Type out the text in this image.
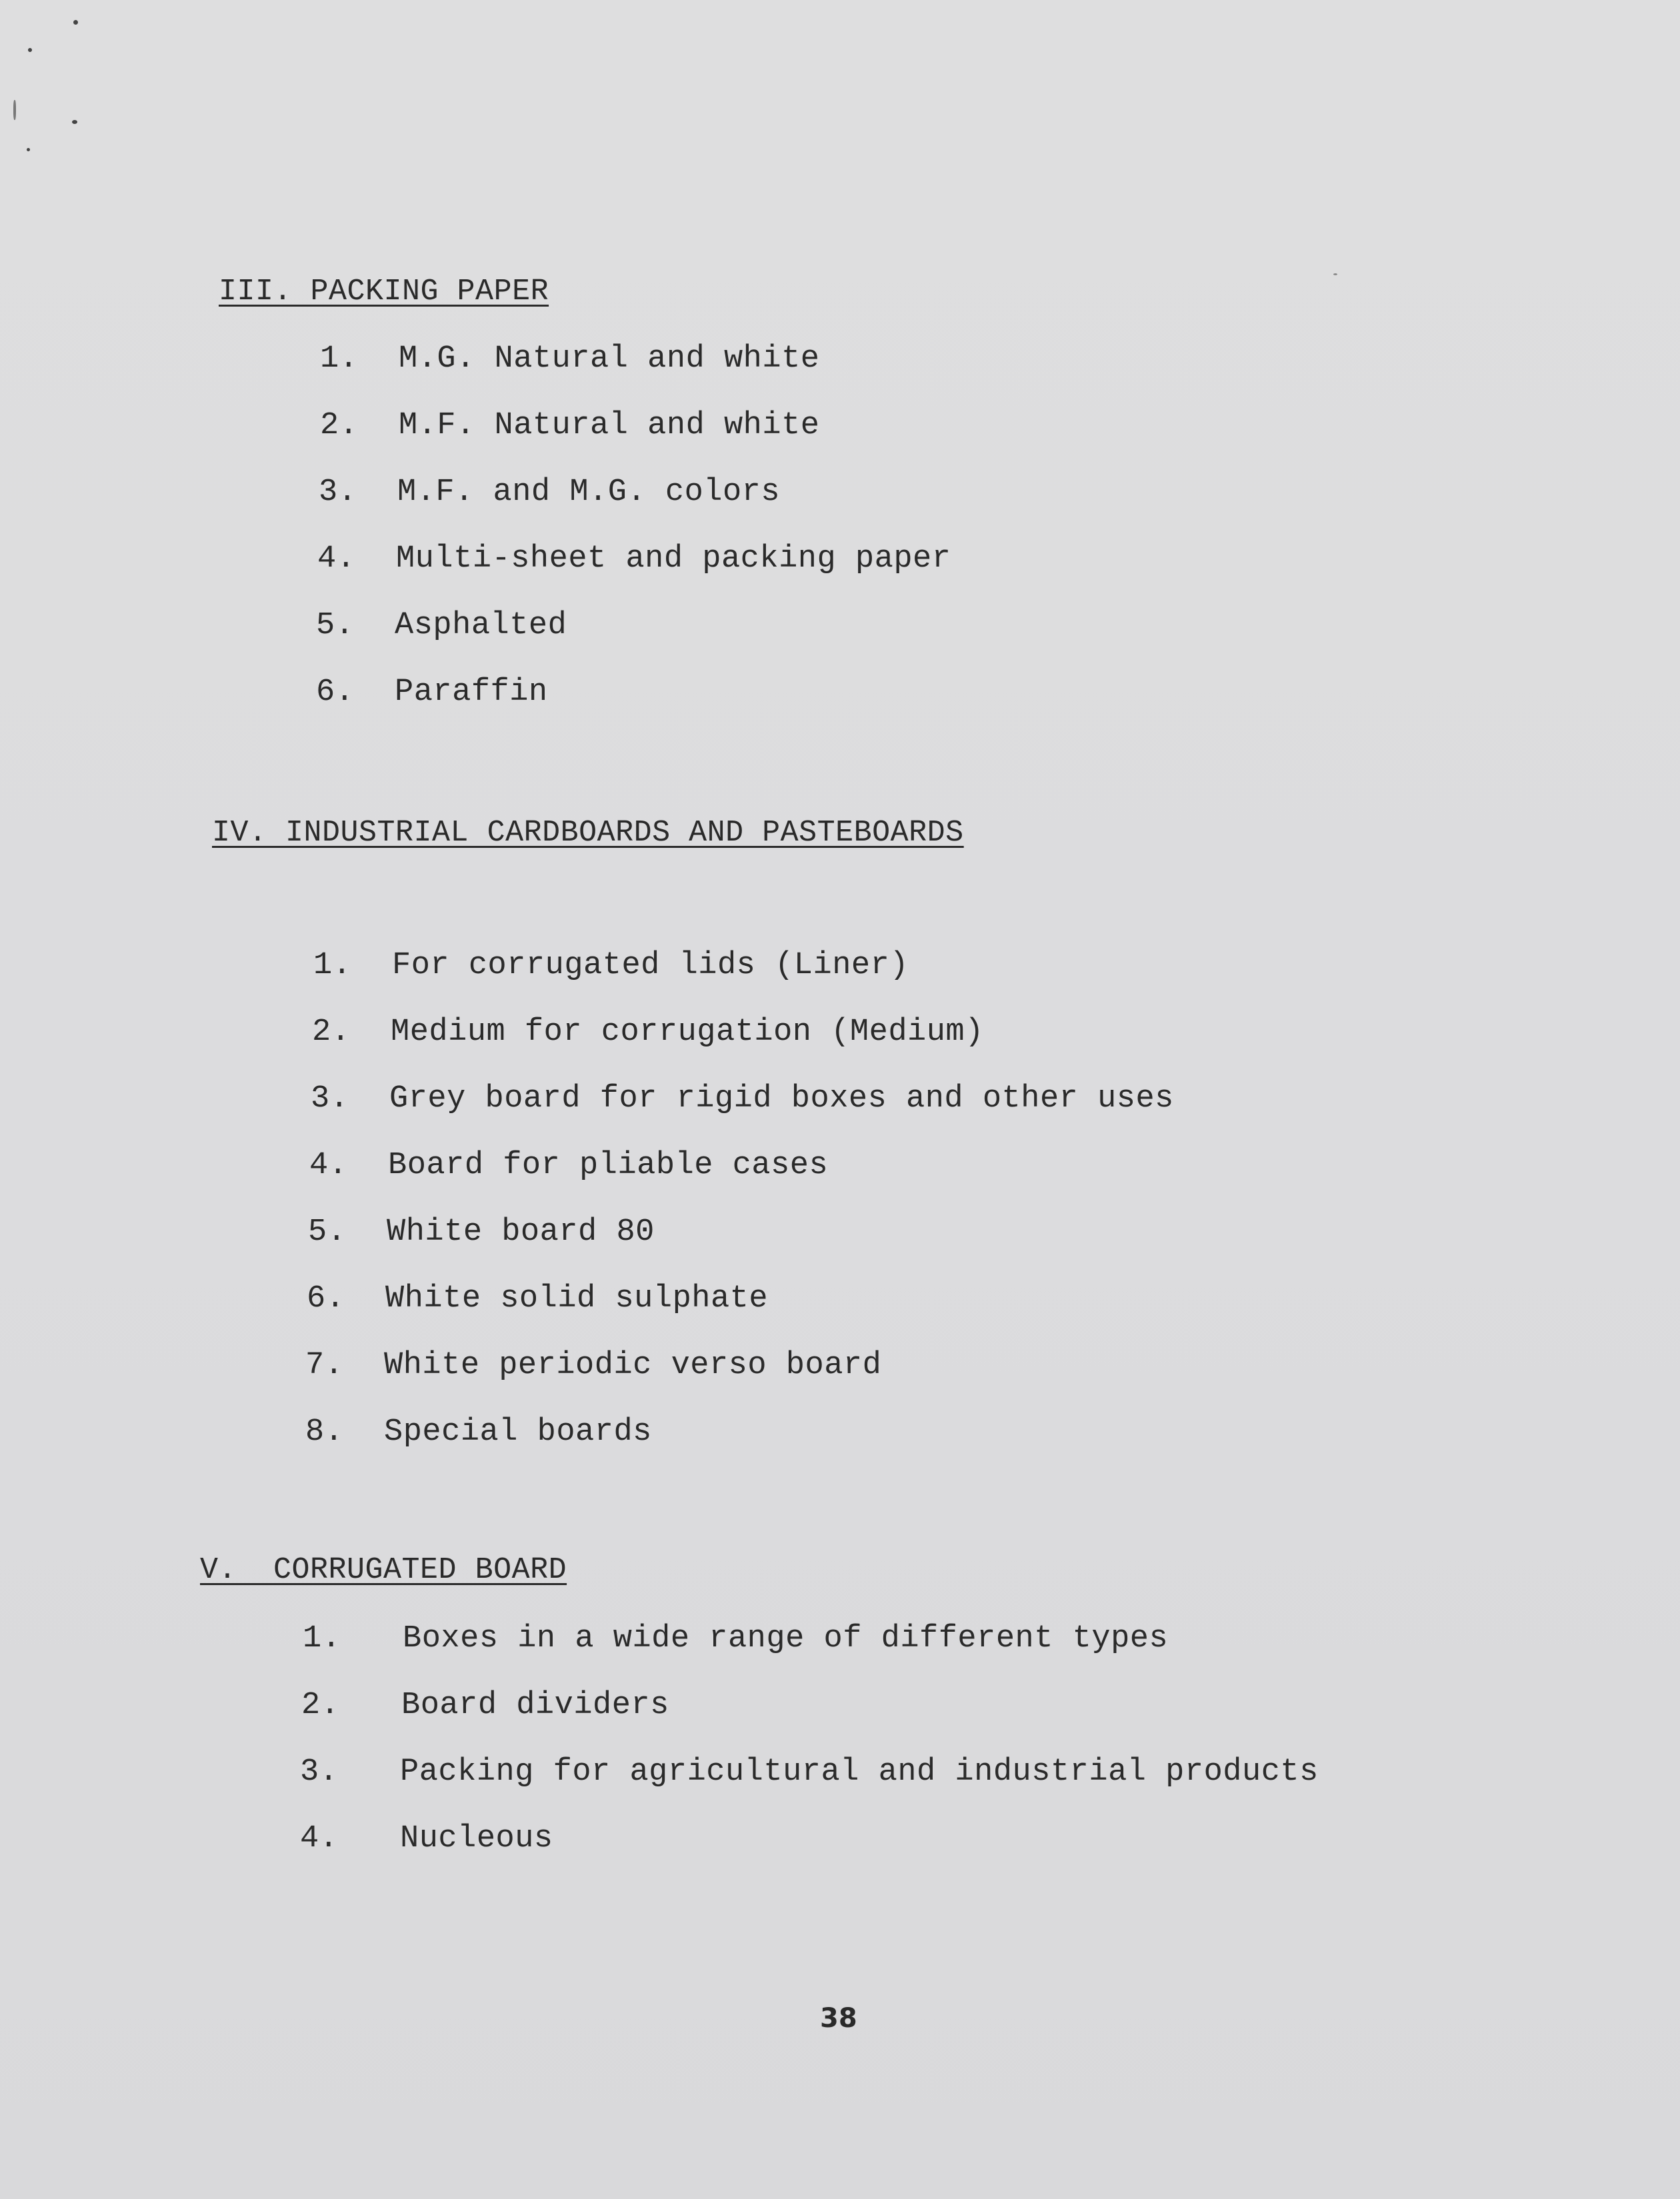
III. PACKING PAPER
1. M.G. Natural and white
2. M.F. Natural and white
3. M.F. and M.G. colors
4. Multi-sheet and packing paper
5. Asphalted
6. Paraffin
IV. INDUSTRIAL CARDBOARDS AND PASTEBOARDS
1. For corrugated lids (Liner)
2. Medium for corrugation (Medium)
3. Grey board for rigid boxes and other uses
4. Board for pliable cases
5. White board 80
6. White solid sulphate
7. White periodic verso board
8. Special boards
V.  CORRUGATED BOARD
1. Boxes in a wide range of different types
2. Board dividers
3. Packing for agricultural and industrial products
4. Nucleous
38
